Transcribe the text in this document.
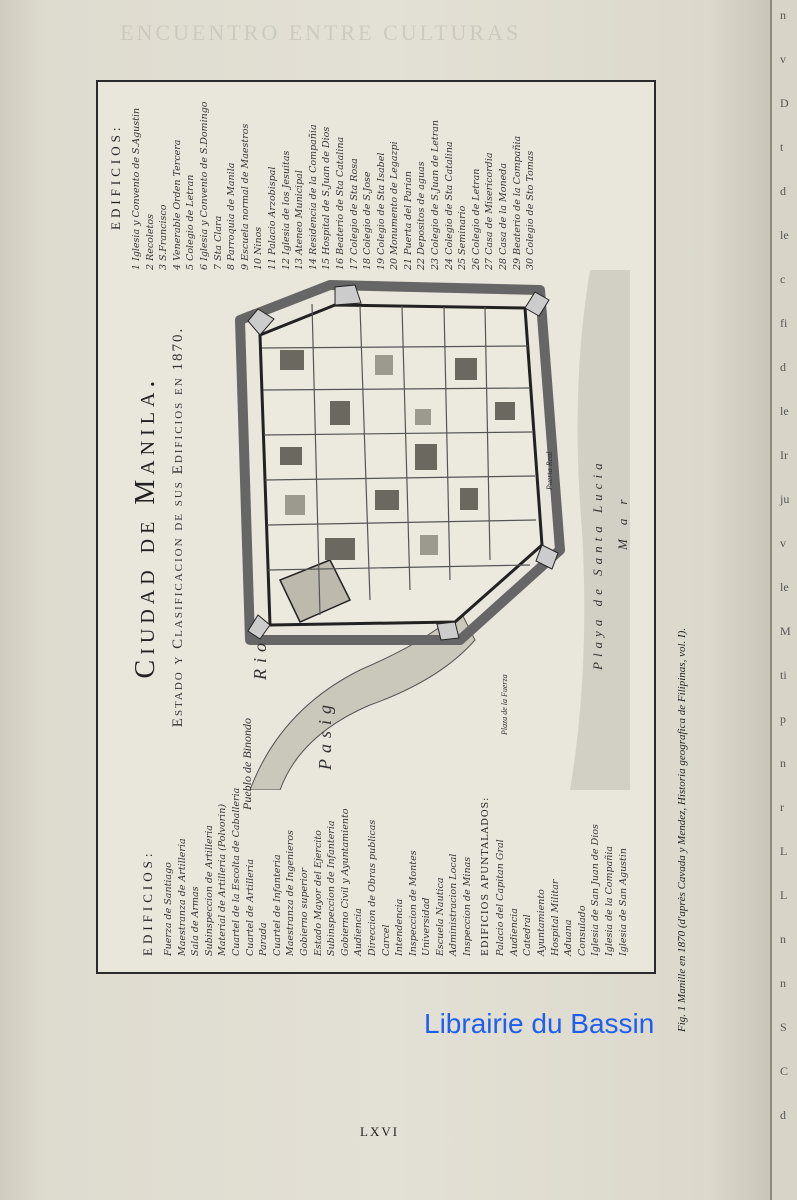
ENCUENTRO ENTRE CULTURAS
Ciudad de Manila. Estado y Clasificacion de sus Edificios en 1870.
EDIFICIOS: Fuerza de Santiago Maestranza de Artilleria Sala de Armas Subinspeccion de Artilleria Material de Artilleria (Polvorin) Cuartel de la Escolta de Caballeria Cuartel de Artilleria Parada Cuartel de Infanteria Maestranza de Ingenieros Gobierno superior Estado Mayor del Ejercito Subinspeccion de Infanteria Gobierno Civil y Ayuntamiento Audiencia Direccion de Obras publicas Carcel Intendencia Inspeccion de Montes Universidad Escuela Nautica Administracion Local Inspeccion de Minas EDIFICIOS APUNTALADOS: Palacio del Capitan Gral Audiencia Catedral Ayuntamiento Hospital Militar Aduana Consulado Iglesia de San Juan de Dios Iglesia de la Compañia Iglesia de San Agustin
EDIFICIOS: 1 Iglesia y Convento de S.Agustin 2 Recoletos 3 S.Francisco 4 Venerable Orden Tercera 5 Colegio de Letran 6 Iglesia y Convento de S.Domingo 7 Sta Clara 8 Parroquia de Manila 9 Escuela normal de Maestros 10 Ninos 11 Palacio Arzobispal 12 Iglesia de los Jesuitas 13 Ateneo Municipal 14 Residencia de la Compañia 15 Hospital de S.Juan de Dios 16 Beaterio de Sta Catalina 17 Colegio de Sta Rosa 18 Colegio de S.Jose 19 Colegio de Sta Isabel 20 Monumento de Legazpi 21 Puerta del Parian 22 Depositos de aguas 23 Colegio de S.Juan de Letran 24 Colegio de Sta Catalina 25 Seminario 26 Colegio de Letran 27 Casa de Misericordia 28 Casa de la Moneda 29 Beaterio de la Compañia 30 Colegio de Sto Tomas
Rio
Pasig
Pueblo de Binondo
Playa de Santa Lucia Mar
Plaza de la Fuerza
Puerta Real
Fig. 1 Manille en 1870 (d'après Cavada y Mendez, Historia geografica de Filipinas, vol. I).
Librairie du Bassin
LXVI
n
v
D
t
d
le
c
fi
d
le
Ir
ju
v
le
M
ti
p
n
r
L
L
n
n
S
C
d
